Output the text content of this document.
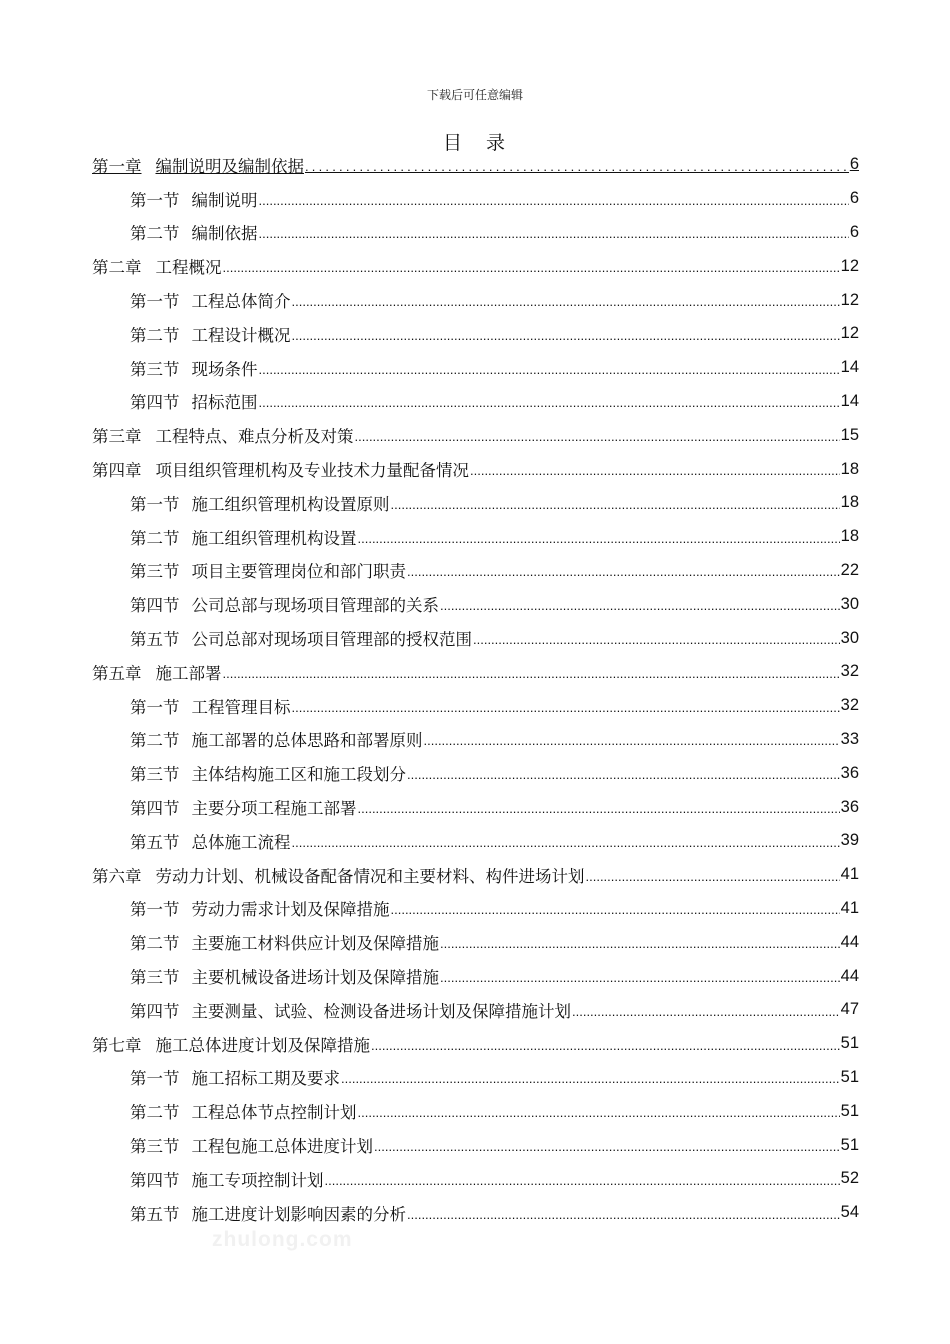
下载后可任意编辑
目 录
第一章 编制说明及编制依据 .....	6
第一节 编制说明 .....	6
第二节 编制依据 .....	6
第二章 工程概况 .....	12
第一节 工程总体简介 .....	12
第二节 工程设计概况 .....	12
第三节 现场条件 .....	14
第四节 招标范围 .....	14
第三章 工程特点、难点分析及对策 .....	15
第四章 项目组织管理机构及专业技术力量配备情况 .....	18
第一节 施工组织管理机构设置原则 .....	18
第二节 施工组织管理机构设置 .....	18
第三节 项目主要管理岗位和部门职责 .....	22
第四节 公司总部与现场项目管理部的关系 .....	30
第五节 公司总部对现场项目管理部的授权范围 .....	30
第五章 施工部署 .....	32
第一节 工程管理目标 .....	32
第二节 施工部署的总体思路和部署原则 .....	33
第三节 主体结构施工区和施工段划分 .....	36
第四节 主要分项工程施工部署 .....	36
第五节 总体施工流程 .....	39
第六章 劳动力计划、机械设备配备情况和主要材料、构件进场计划 .....	41
第一节 劳动力需求计划及保障措施 .....	41
第二节 主要施工材料供应计划及保障措施 .....	44
第三节 主要机械设备进场计划及保障措施 .....	44
第四节 主要测量、试验、检测设备进场计划及保障措施计划 .....	47
第七章 施工总体进度计划及保障措施 .....	51
第一节 施工招标工期及要求 .....	51
第二节 工程总体节点控制计划 .....	51
第三节 工程包施工总体进度计划 .....	51
第四节 施工专项控制计划 .....	52
第五节 施工进度计划影响因素的分析 .....	54
zhulong.com
